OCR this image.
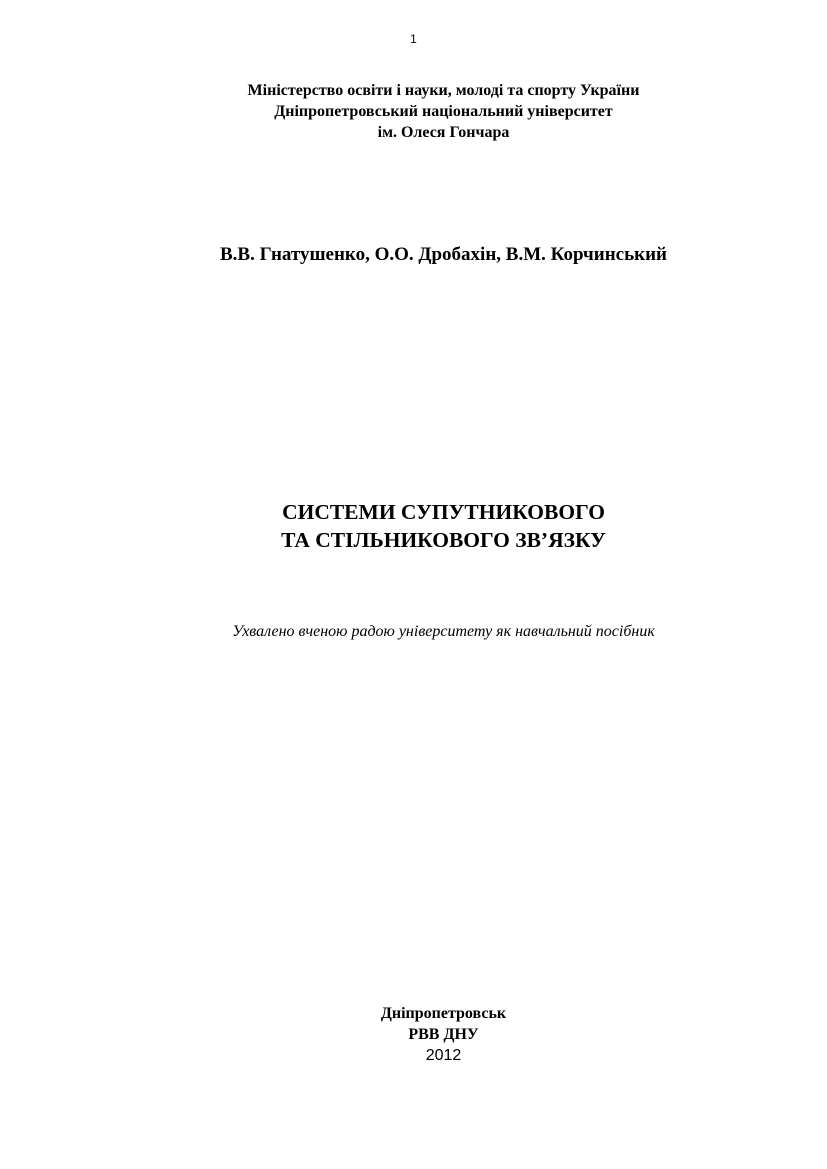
1
Міністерство освіти і науки, молоді та спорту України
Дніпропетровський національний університет
ім. Олеся Гончара
В.В. Гнатушенко, О.О. Дробахін, В.М. Корчинський
СИСТЕМИ СУПУТНИКОВОГО
ТА СТІЛЬНИКОВОГО ЗВ’ЯЗКУ
Ухвалено вченою радою університету як навчальний посібник
Дніпропетровськ
РВВ ДНУ
2012
